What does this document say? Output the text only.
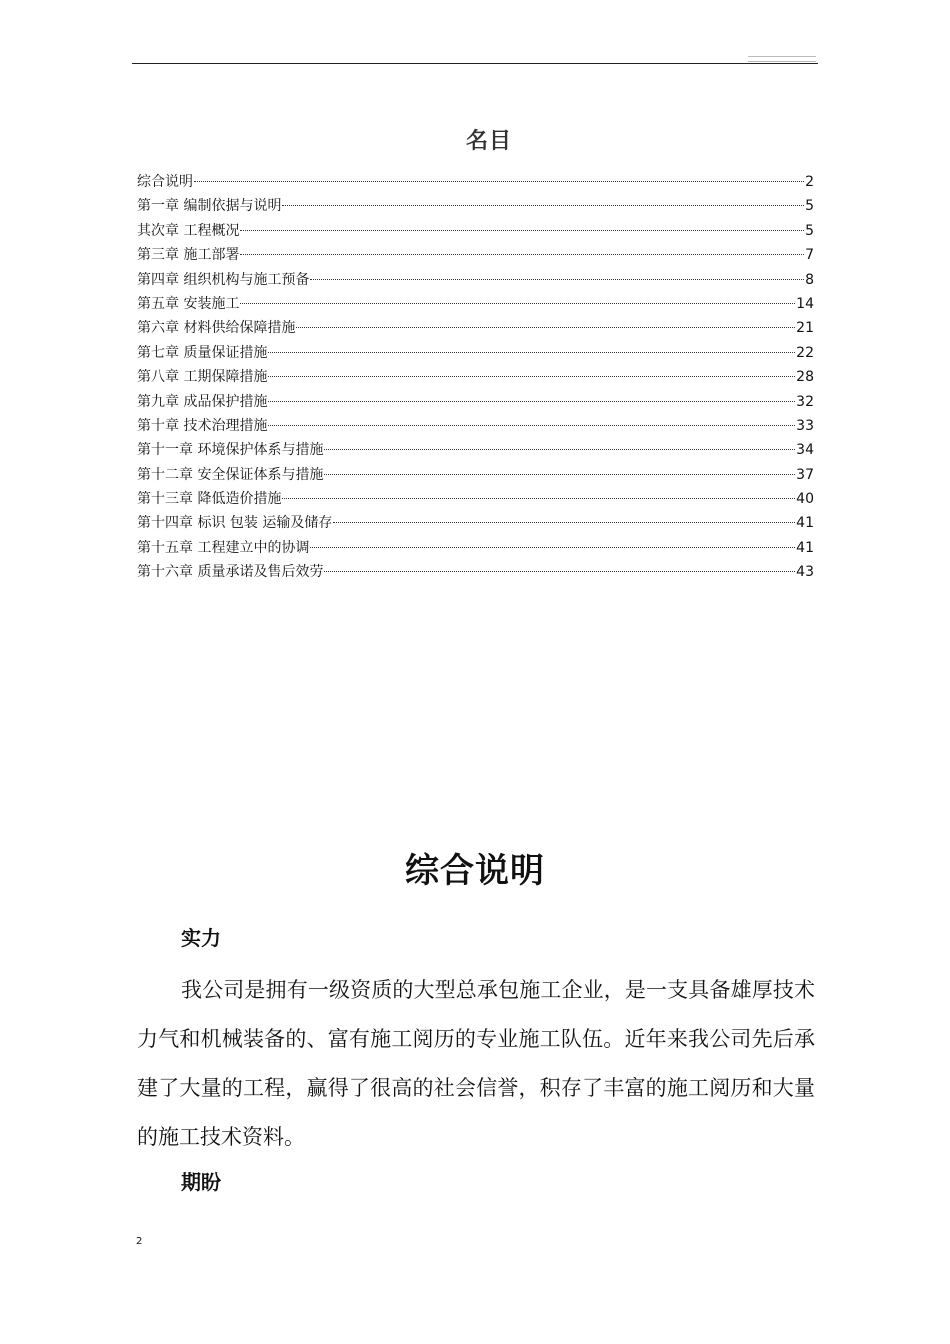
名目
综合说明	2
第一章 编制依据与说明	5
其次章 工程概况	5
第三章 施工部署	7
第四章 组织机构与施工预备	8
第五章 安装施工	14
第六章 材料供给保障措施	21
第七章 质量保证措施	22
第八章 工期保障措施	28
第九章 成品保护措施	32
第十章 技术治理措施	33
第十一章 环境保护体系与措施	34
第十二章 安全保证体系与措施	37
第十三章 降低造价措施	40
第十四章 标识 包装 运输及储存	41
第十五章 工程建立中的协调	41
第十六章 质量承诺及售后效劳	43
综合说明
实力

我公司是拥有一级资质的大型总承包施工企业，是一支具备雄厚技术力气和机械装备的、富有施工阅历的专业施工队伍。近年来我公司先后承建了大量的工程，赢得了很高的社会信誉，积存了丰富的施工阅历和大量的施工技术资料。

期盼
2
